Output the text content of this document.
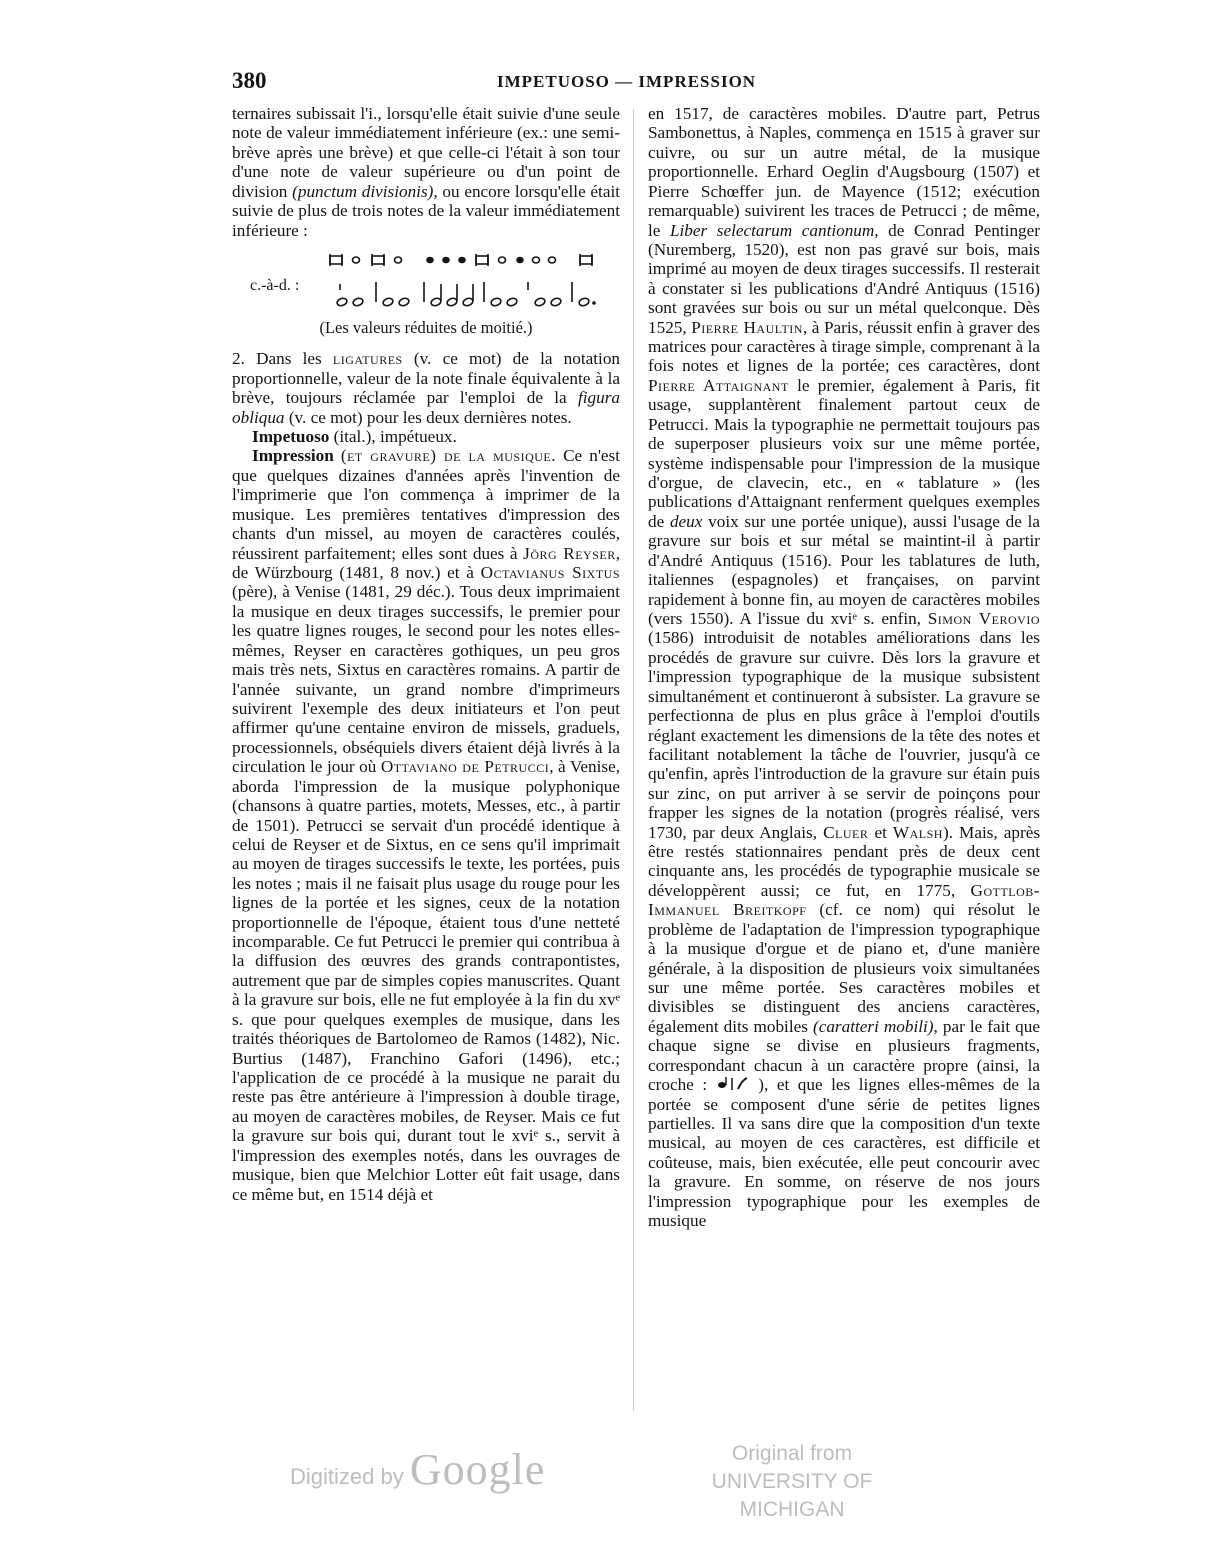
380	IMPETUOSO — IMPRESSION

ternaires subissait l'i., lorsqu'elle était suivie d'une seule note de valeur immédiatement inférieure (ex.: une semi-brève après une brève) et que celle-ci l'était à son tour d'une note de valeur supérieure ou d'un point de division (punctum divisionis), ou encore lorsqu'elle était suivie de plus de trois notes de la valeur immédiatement inférieure :

c.-à-d. :

(Les valeurs réduites de moitié.)

2. Dans les ligatures (v. ce mot) de la notation proportionnelle, valeur de la note finale équivalente à la brève, toujours réclamée par l'emploi de la figura obliqua (v. ce mot) pour les deux dernières notes.

Impetuoso (ital.), impétueux.

Impression (et gravure) de la musique. Ce n'est que quelques dizaines d'années après l'invention de l'imprimerie que l'on commença à imprimer de la musique. Les premières tentatives d'impression des chants d'un missel, au moyen de caractères coulés, réussirent parfaitement; elles sont dues à Jörg Reyser, de Würzbourg (1481, 8 nov.) et à Octavianus Sixtus (père), à Venise (1481, 29 déc.). Tous deux imprimaient la musique en deux tirages successifs, le premier pour les quatre lignes rouges, le second pour les notes elles-mêmes, Reyser en caractères gothiques, un peu gros mais très nets, Sixtus en caractères romains. A partir de l'année suivante, un grand nombre d'imprimeurs suivirent l'exemple des deux initiateurs et l'on peut affirmer qu'une centaine environ de missels, graduels, processionnels, obséquiels divers étaient déjà livrés à la circulation le jour où Ottaviano de Petrucci, à Venise, aborda l'impression de la musique polyphonique (chansons à quatre parties, motets, Messes, etc., à partir de 1501). Petrucci se servait d'un procédé identique à celui de Reyser et de Sixtus, en ce sens qu'il imprimait au moyen de tirages successifs le texte, les portées, puis les notes ; mais il ne faisait plus usage du rouge pour les lignes de la portée et les signes, ceux de la notation proportionnelle de l'époque, étaient tous d'une netteté incomparable. Ce fut Petrucci le premier qui contribua à la diffusion des œuvres des grands contrapontistes, autrement que par de simples copies manuscrites. Quant à la gravure sur bois, elle ne fut employée à la fin du xvᵉ s. que pour quelques exemples de musique, dans les traités théoriques de Bartolomeo de Ramos (1482), Nic. Burtius (1487), Franchino Gafori (1496), etc.; l'application de ce procédé à la musique ne parait du reste pas être antérieure à l'impression à double tirage, au moyen de caractères mobiles, de Reyser. Mais ce fut la gravure sur bois qui, durant tout le xviᵉ s., servit à l'impression des exemples notés, dans les ouvrages de musique, bien que Melchior Lotter eût fait usage, dans ce même but, en 1514 déjà et

en 1517, de caractères mobiles. D'autre part, Petrus Sambonettus, à Naples, commença en 1515 à graver sur cuivre, ou sur un autre métal, de la musique proportionnelle. Erhard Oeglin d'Augsbourg (1507) et Pierre Schœffer jun. de Mayence (1512; exécution remarquable) suivirent les traces de Petrucci ; de même, le Liber selectarum cantionum, de Conrad Pentinger (Nuremberg, 1520), est non pas gravé sur bois, mais imprimé au moyen de deux tirages successifs. Il resterait à constater si les publications d'André Antiquus (1516) sont gravées sur bois ou sur un métal quelconque. Dès 1525, Pierre Haultin, à Paris, réussit enfin à graver des matrices pour caractères à tirage simple, comprenant à la fois notes et lignes de la portée; ces caractères, dont Pierre Attaignant le premier, également à Paris, fit usage, supplantèrent finalement partout ceux de Petrucci. Mais la typographie ne permettait toujours pas de superposer plusieurs voix sur une même portée, système indispensable pour l'impression de la musique d'orgue, de clavecin, etc., en « tablature » (les publications d'Attaignant renferment quelques exemples de deux voix sur une portée unique), aussi l'usage de la gravure sur bois et sur métal se maintint-il à partir d'André Antiquus (1516). Pour les tablatures de luth, italiennes (espagnoles) et françaises, on parvint rapidement à bonne fin, au moyen de caractères mobiles (vers 1550). A l'issue du xviᵉ s. enfin, Simon Verovio (1586) introduisit de notables améliorations dans les procédés de gravure sur cuivre. Dès lors la gravure et l'impression typographique de la musique subsistent simultanément et continueront à subsister. La gravure se perfectionna de plus en plus grâce à l'emploi d'outils réglant exactement les dimensions de la tête des notes et facilitant notablement la tâche de l'ouvrier, jusqu'à ce qu'enfin, après l'introduction de la gravure sur étain puis sur zinc, on put arriver à se servir de poinçons pour frapper les signes de la notation (progrès réalisé, vers 1730, par deux Anglais, Cluer et Walsh). Mais, après être restés stationnaires pendant près de deux cent cinquante ans, les procédés de typographie musicale se développèrent aussi; ce fut, en 1775, Gottlob-Immanuel Breitkopf (cf. ce nom) qui résolut le problème de l'adaptation de l'impression typographique à la musique d'orgue et de piano et, d'une manière générale, à la disposition de plusieurs voix simultanées sur une même portée. Ses caractères mobiles et divisibles se distinguent des anciens caractères, également dits mobiles (caratteri mobili), par le fait que chaque signe se divise en plusieurs fragments, correspondant chacun à un caractère propre (ainsi, la croche :	), et que les lignes elles-mêmes de la portée se composent d'une série de petites lignes partielles. Il va sans dire que la composition d'un texte musical, au moyen de ces caractères, est difficile et coûteuse, mais, bien exécutée, elle peut concourir avec la gravure. En somme, on réserve de nos jours l'impression typographique pour les exemples de musique

Digitized by Google	Original from
UNIVERSITY OF MICHIGAN
